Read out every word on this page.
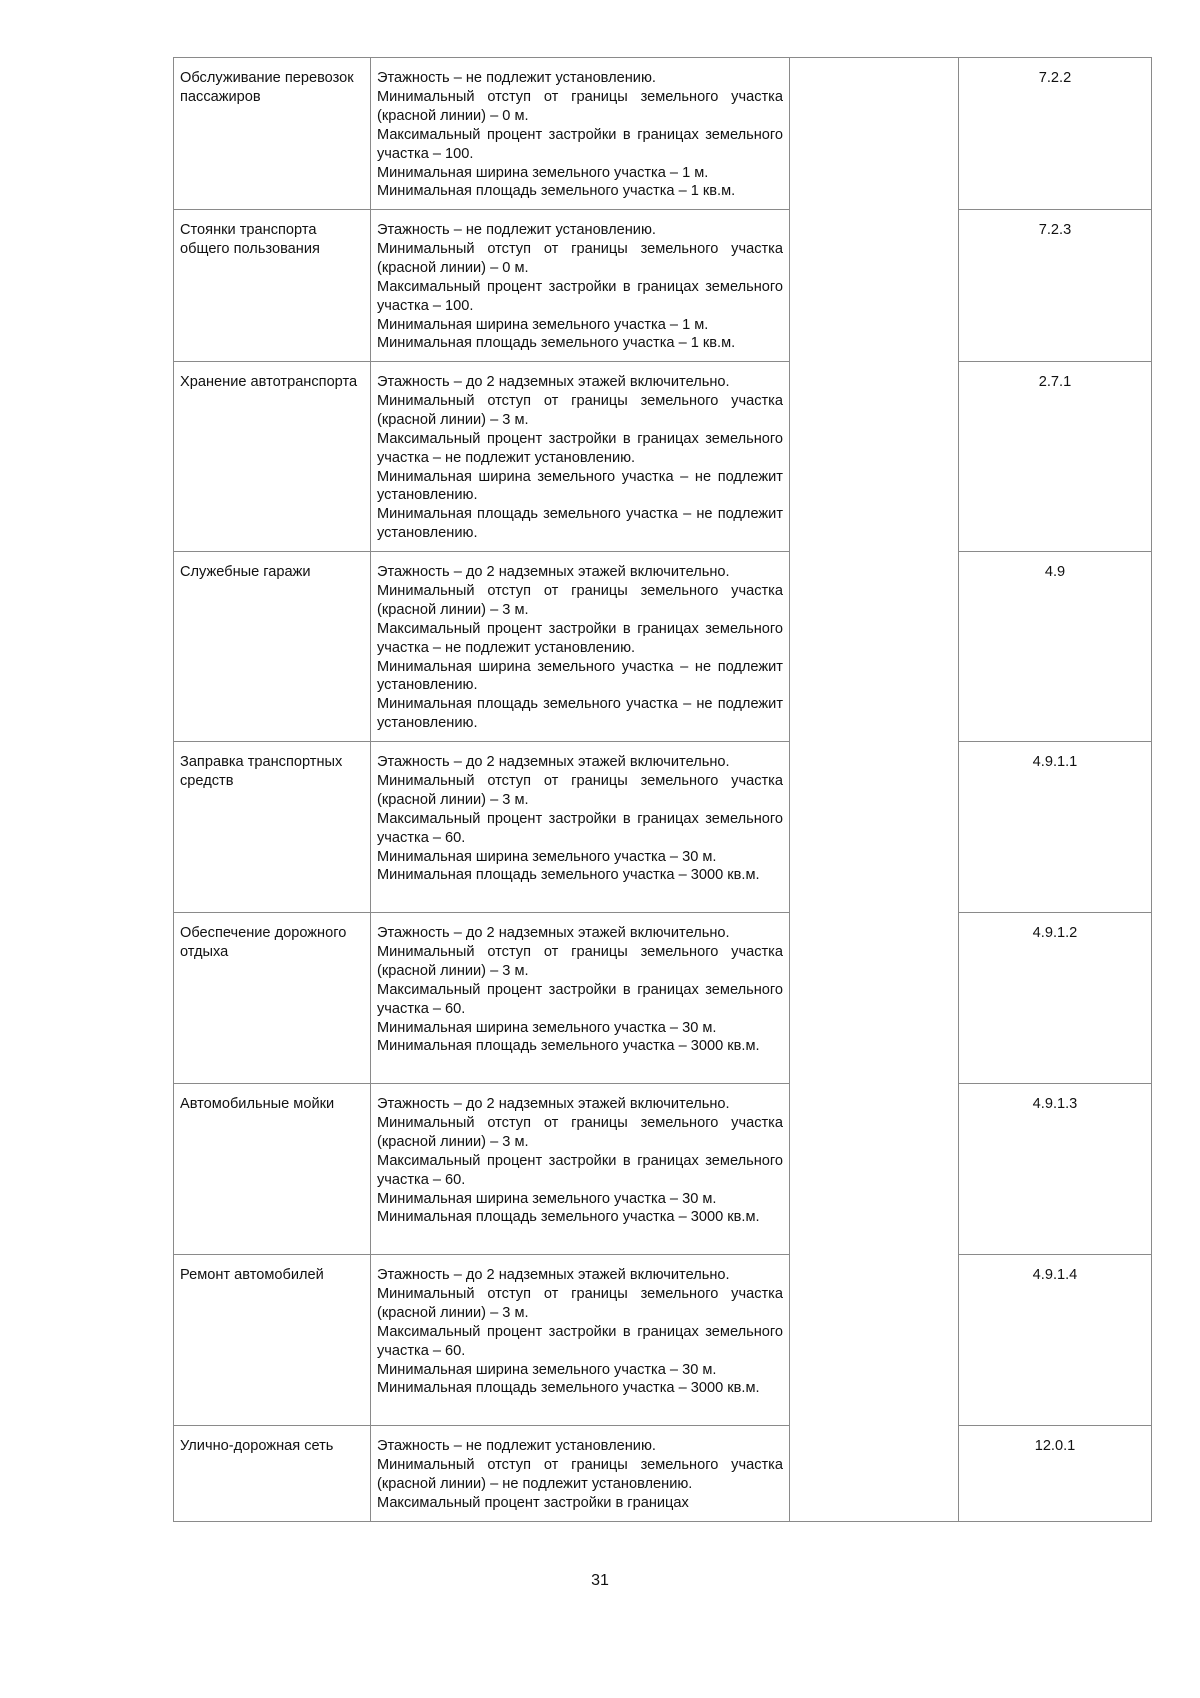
Обслуживание перевозок пассажиров	Этажность – не подлежит установлению.
Минимальный отступ от границы земельного участка (красной линии) – 0 м.
Максимальный процент застройки в границах земельного участка – 100.
Минимальная ширина земельного участка – 1 м.
Минимальная площадь земельного участка – 1 кв.м.		7.2.2
Стоянки транспорта общего пользования	Этажность – не подлежит установлению.
Минимальный отступ от границы земельного участка (красной линии) – 0 м.
Максимальный процент застройки в границах земельного участка – 100.
Минимальная ширина земельного участка – 1 м.
Минимальная площадь земельного участка – 1 кв.м.		7.2.3
Хранение автотранспорта	Этажность – до 2 надземных этажей включительно.
Минимальный отступ от границы земельного участка (красной линии) – 3 м.
Максимальный процент застройки в границах земельного участка – не подлежит установлению.
Минимальная ширина земельного участка – не подлежит установлению.
Минимальная площадь земельного участка – не подлежит установлению.		2.7.1
Служебные гаражи	Этажность – до 2 надземных этажей включительно.
Минимальный отступ от границы земельного участка (красной линии) – 3 м.
Максимальный процент застройки в границах земельного участка – не подлежит установлению.
Минимальная ширина земельного участка – не подлежит установлению.
Минимальная площадь земельного участка – не подлежит установлению.		4.9
Заправка транспортных средств	Этажность – до 2 надземных этажей включительно.
Минимальный отступ от границы земельного участка (красной линии) – 3 м.
Максимальный процент застройки в границах земельного участка – 60.
Минимальная ширина земельного участка – 30 м.
Минимальная площадь земельного участка – 3000 кв.м.		4.9.1.1
Обеспечение дорожного отдыха	Этажность – до 2 надземных этажей включительно.
Минимальный отступ от границы земельного участка (красной линии) – 3 м.
Максимальный процент застройки в границах земельного участка – 60.
Минимальная ширина земельного участка – 30 м.
Минимальная площадь земельного участка – 3000 кв.м.		4.9.1.2
Автомобильные мойки	Этажность – до 2 надземных этажей включительно.
Минимальный отступ от границы земельного участка (красной линии) – 3 м.
Максимальный процент застройки в границах земельного участка – 60.
Минимальная ширина земельного участка – 30 м.
Минимальная площадь земельного участка – 3000 кв.м.		4.9.1.3
Ремонт автомобилей	Этажность – до 2 надземных этажей включительно.
Минимальный отступ от границы земельного участка (красной линии) – 3 м.
Максимальный процент застройки в границах земельного участка – 60.
Минимальная ширина земельного участка – 30 м.
Минимальная площадь земельного участка – 3000 кв.м.		4.9.1.4
Улично-дорожная сеть	Этажность – не подлежит установлению.
Минимальный отступ от границы земельного участка (красной линии) – не подлежит установлению.
Максимальный процент застройки в границах		12.0.1
31
